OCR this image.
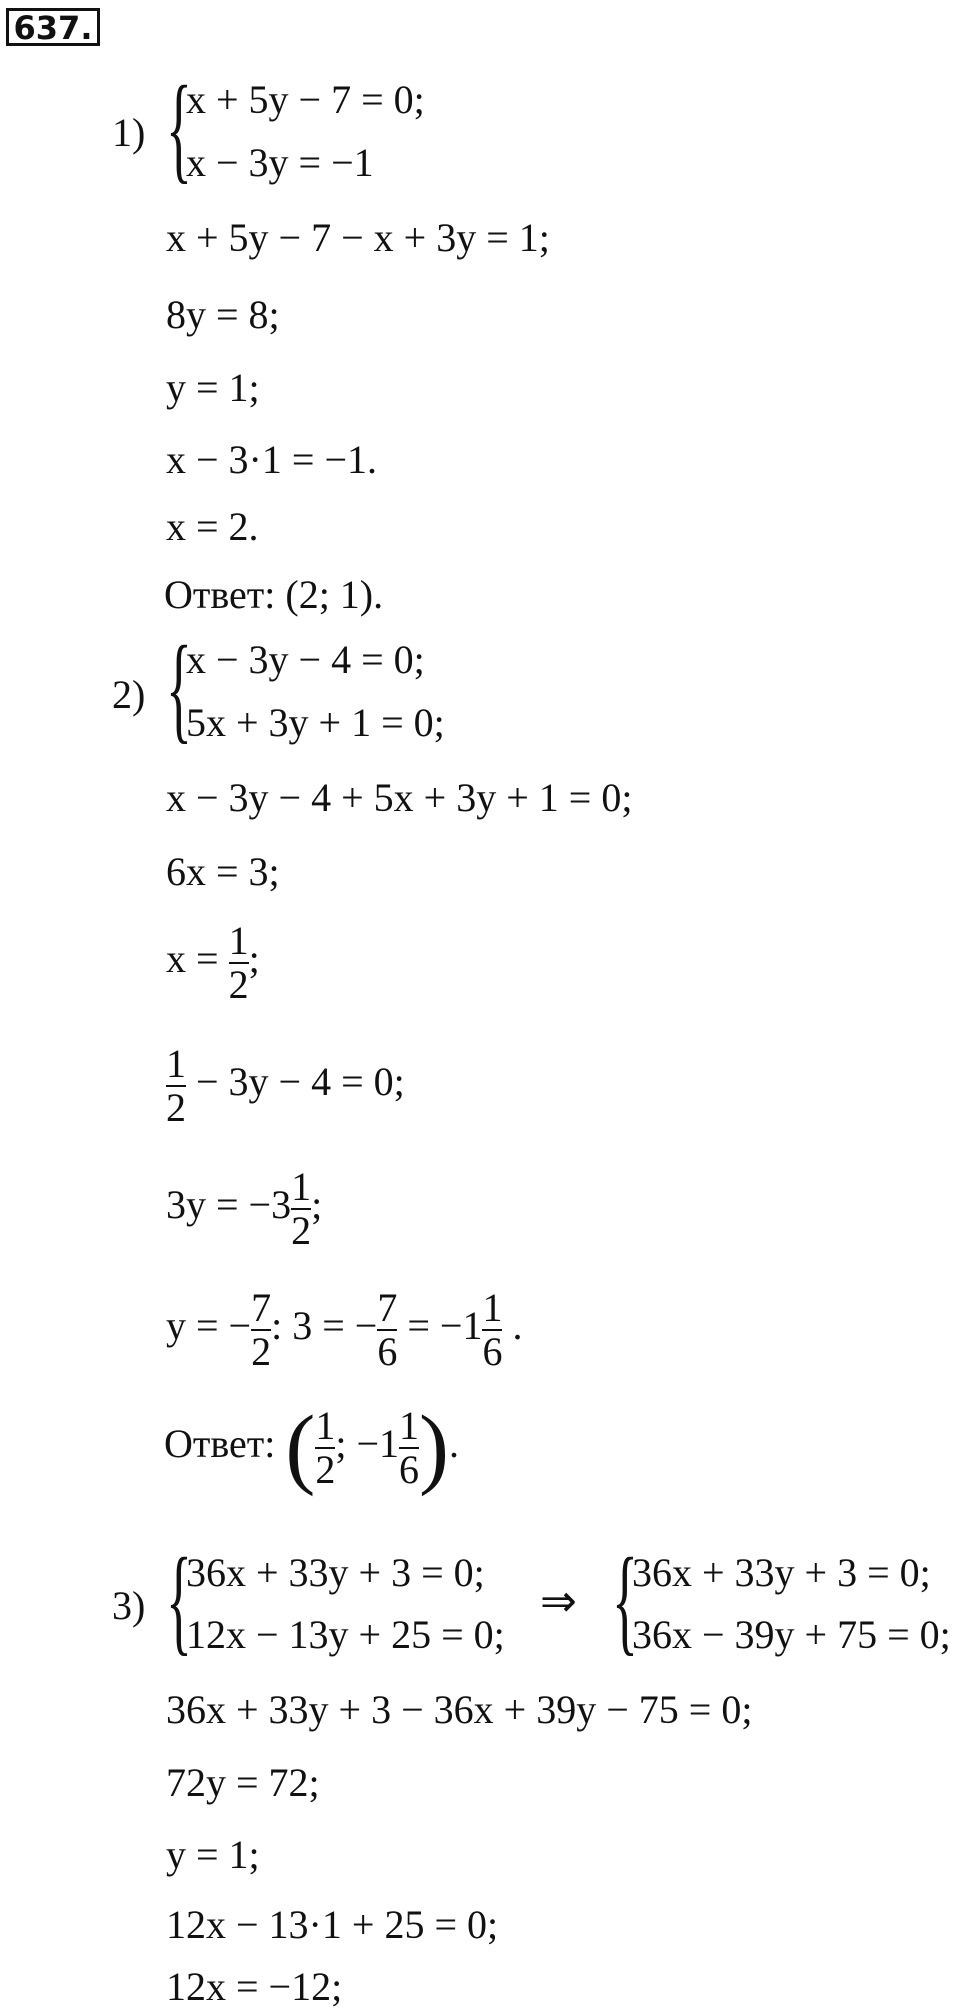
637.
1) {
x + 5y − 7 = 0;
x − 3y = −1
x + 5y − 7 − x + 3y = 1;
8y = 8;
y = 1;
x − 3·1 = −1.
x = 2.
Ответ: (2; 1).
2) {
x − 3y − 4 = 0;
5x + 3y + 1 = 0;
x − 3y − 4 + 5x + 3y + 1 = 0;
6x = 3;
$x = \frac{1}{2}$ ;
$\frac{1}{2} - 3y - 4 = 0$;
$3y = -3 \frac{1}{2}$ ;
y = − $\frac{7}{2}$ : 3 = − $\frac{7}{6} = -1 \frac{1}{6}$ .
Ответ: ( $\frac{1}{2}$ ; $-1 \frac{1}{6}$ ).
3) {
36x + 33y + 3 = 0;
12x − 13y + 25 = 0;
⇒ {
36x + 33y + 3 = 0;
36x − 39y + 75 = 0;
36x + 33y + 3 − 36x + 39y − 75 = 0;
72y = 72;
y = 1;
12x − 13·1 + 25 = 0;
12x = −12;
